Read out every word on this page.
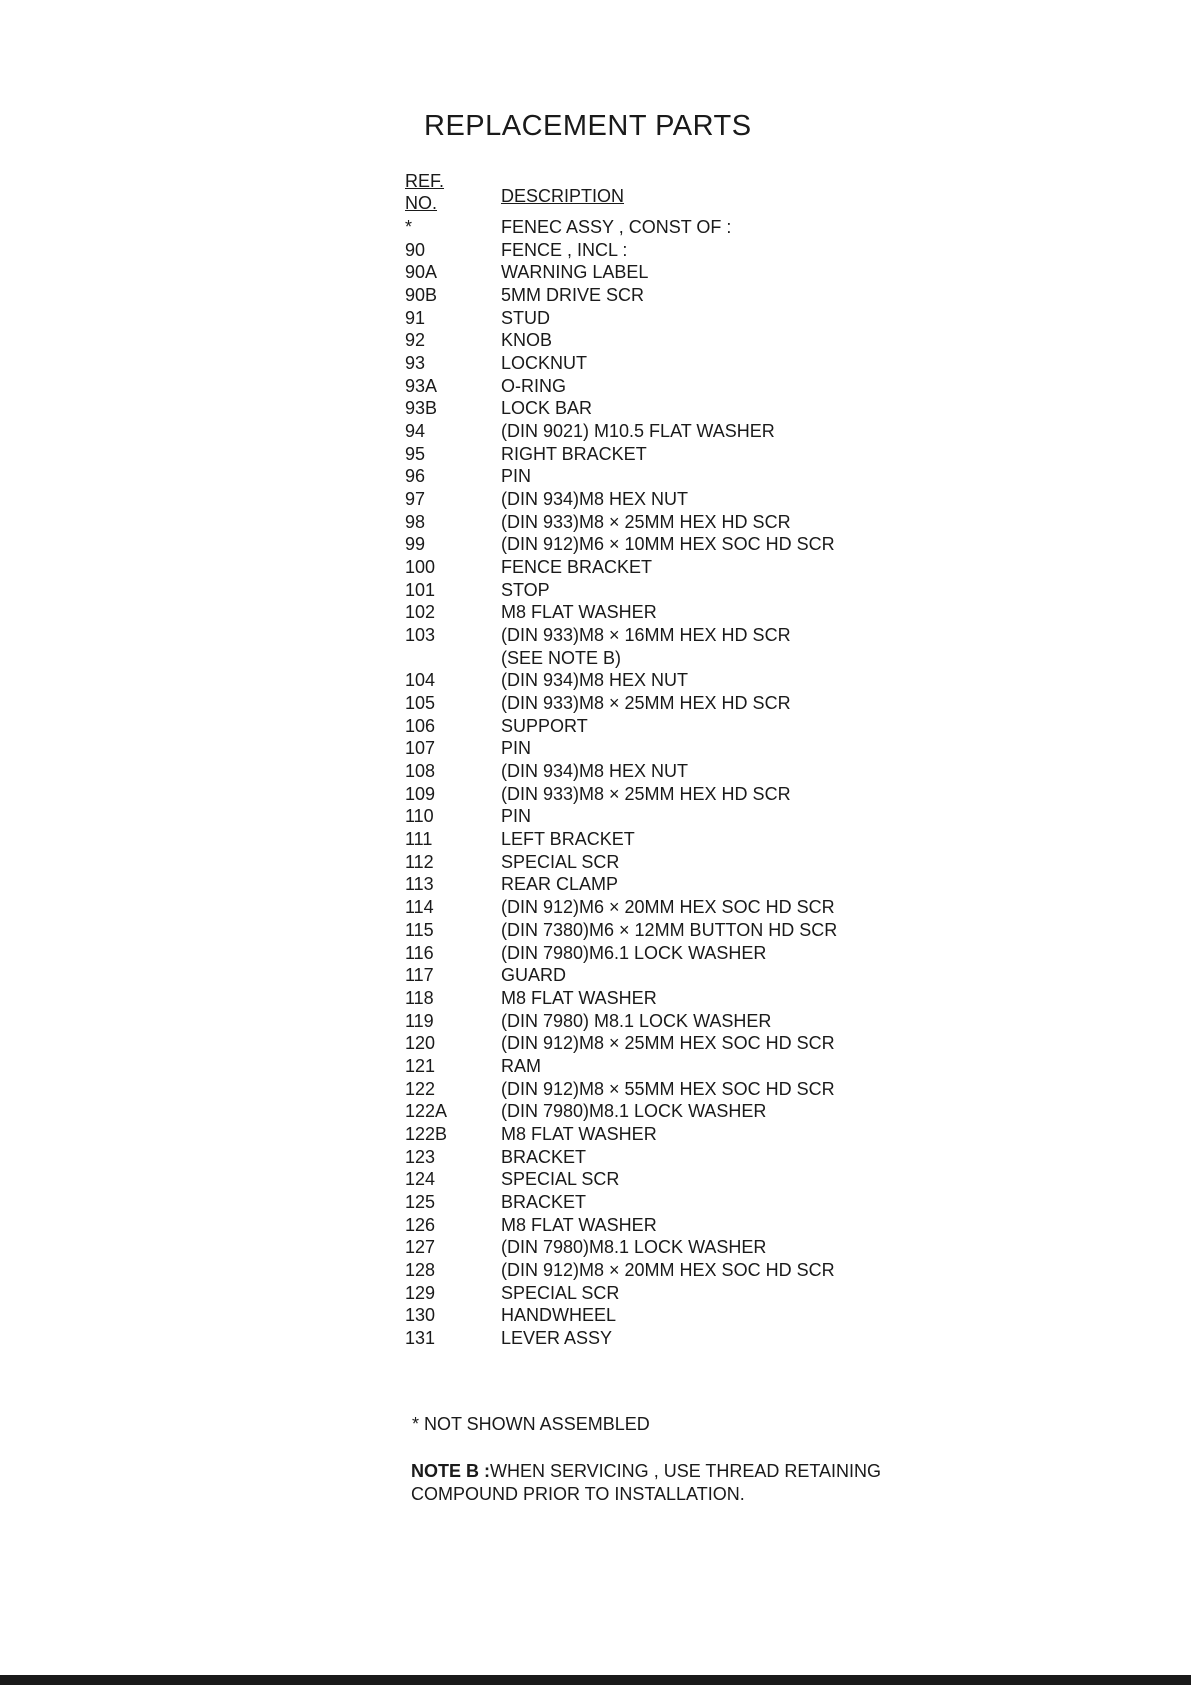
REPLACEMENT PARTS
REF.
NO.	DESCRIPTION
*	FENEC ASSY , CONST OF :
90	FENCE , INCL :
90A	WARNING LABEL
90B	5MM DRIVE SCR
91	STUD
92	KNOB
93	LOCKNUT
93A	O-RING
93B	LOCK BAR
94	(DIN 9021) M10.5 FLAT WASHER
95	RIGHT BRACKET
96	PIN
97	(DIN 934)M8 HEX NUT
98	(DIN 933)M8 × 25MM HEX HD SCR
99	(DIN 912)M6 × 10MM HEX SOC HD SCR
100	FENCE BRACKET
101	STOP
102	M8 FLAT WASHER
103	(DIN 933)M8 × 16MM HEX HD SCR
(SEE NOTE B)
104	(DIN 934)M8 HEX NUT
105	(DIN 933)M8 × 25MM HEX HD SCR
106	SUPPORT
107	PIN
108	(DIN 934)M8 HEX NUT
109	(DIN 933)M8 × 25MM HEX HD SCR
110	PIN
111	LEFT BRACKET
112	SPECIAL SCR
113	REAR CLAMP
114	(DIN 912)M6 × 20MM HEX SOC HD SCR
115	(DIN 7380)M6 × 12MM BUTTON HD SCR
116	(DIN 7980)M6.1 LOCK WASHER
117	GUARD
118	M8 FLAT WASHER
119	(DIN 7980) M8.1 LOCK WASHER
120	(DIN 912)M8 × 25MM HEX SOC HD SCR
121	RAM
122	(DIN 912)M8 × 55MM HEX SOC HD SCR
122A	(DIN 7980)M8.1 LOCK WASHER
122B	M8 FLAT WASHER
123	BRACKET
124	SPECIAL SCR
125	BRACKET
126	M8 FLAT WASHER
127	(DIN 7980)M8.1 LOCK WASHER
128	(DIN 912)M8 × 20MM HEX SOC HD SCR
129	SPECIAL SCR
130	HANDWHEEL
131	LEVER ASSY
* NOT SHOWN ASSEMBLED
NOTE B :WHEN SERVICING , USE THREAD RETAINING
COMPOUND PRIOR TO INSTALLATION.
